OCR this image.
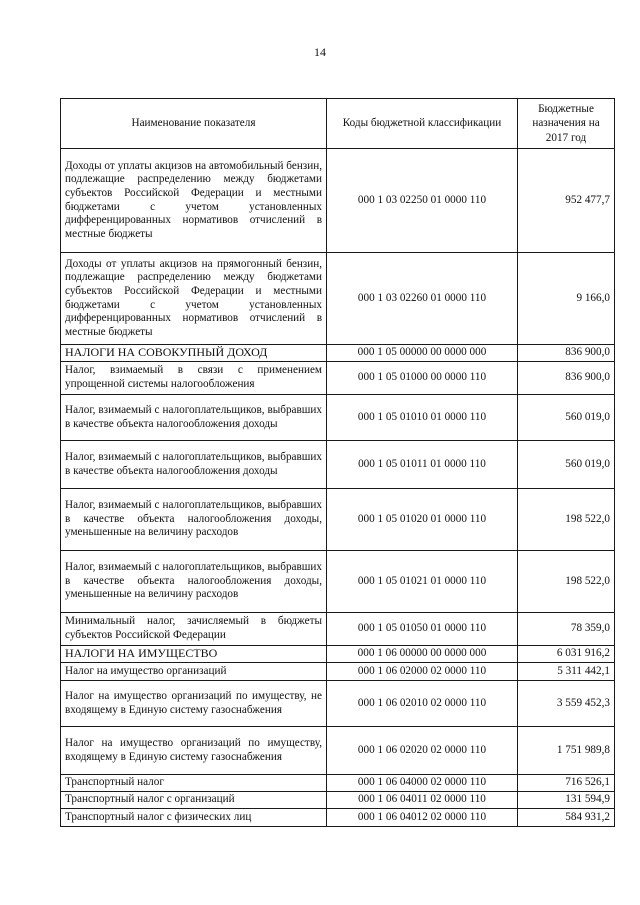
14
Наименование показателя	Коды бюджетной классификации	Бюджетные назначения на 2017 год
Доходы от уплаты акцизов на автомобильный бензин, подлежащие распределению между бюджетами субъектов Российской Федерации и местными бюджетами с учетом установленных дифференцированных нормативов отчислений в местные бюджеты	000 1 03 02250 01 0000 110	952 477,7
Доходы от уплаты акцизов на прямогонный бензин, подлежащие распределению между бюджетами субъектов Российской Федерации и местными бюджетами с учетом установленных дифференцированных нормативов отчислений в местные бюджеты	000 1 03 02260 01 0000 110	9 166,0
НАЛОГИ НА СОВОКУПНЫЙ ДОХОД	000 1 05 00000 00 0000 000	836 900,0
Налог, взимаемый в связи с применением упрощенной системы налогообложения	000 1 05 01000 00 0000 110	836 900,0
Налог, взимаемый с налогоплательщиков, выбравших в качестве объекта налогообложения доходы	000 1 05 01010 01 0000 110	560 019,0
Налог, взимаемый с налогоплательщиков, выбравших в качестве объекта налогообложения доходы	000 1 05 01011 01 0000 110	560 019,0
Налог, взимаемый с налогоплательщиков, выбравших в качестве объекта налогообложения доходы, уменьшенные на величину расходов	000 1 05 01020 01 0000 110	198 522,0
Налог, взимаемый с налогоплательщиков, выбравших в качестве объекта налогообложения доходы, уменьшенные на величину расходов	000 1 05 01021 01 0000 110	198 522,0
Минимальный налог, зачисляемый в бюджеты субъектов Российской Федерации	000 1 05 01050 01 0000 110	78 359,0
НАЛОГИ НА ИМУЩЕСТВО	000 1 06 00000 00 0000 000	6 031 916,2
Налог на имущество организаций	000 1 06 02000 02 0000 110	5 311 442,1
Налог на имущество организаций по имуществу, не входящему в Единую систему газоснабжения	000 1 06 02010 02 0000 110	3 559 452,3
Налог на имущество организаций по имуществу, входящему в Единую систему газоснабжения	000 1 06 02020 02 0000 110	1 751 989,8
Транспортный налог	000 1 06 04000 02 0000 110	716 526,1
Транспортный налог с организаций	000 1 06 04011 02 0000 110	131 594,9
Транспортный налог с физических лиц	000 1 06 04012 02 0000 110	584 931,2
